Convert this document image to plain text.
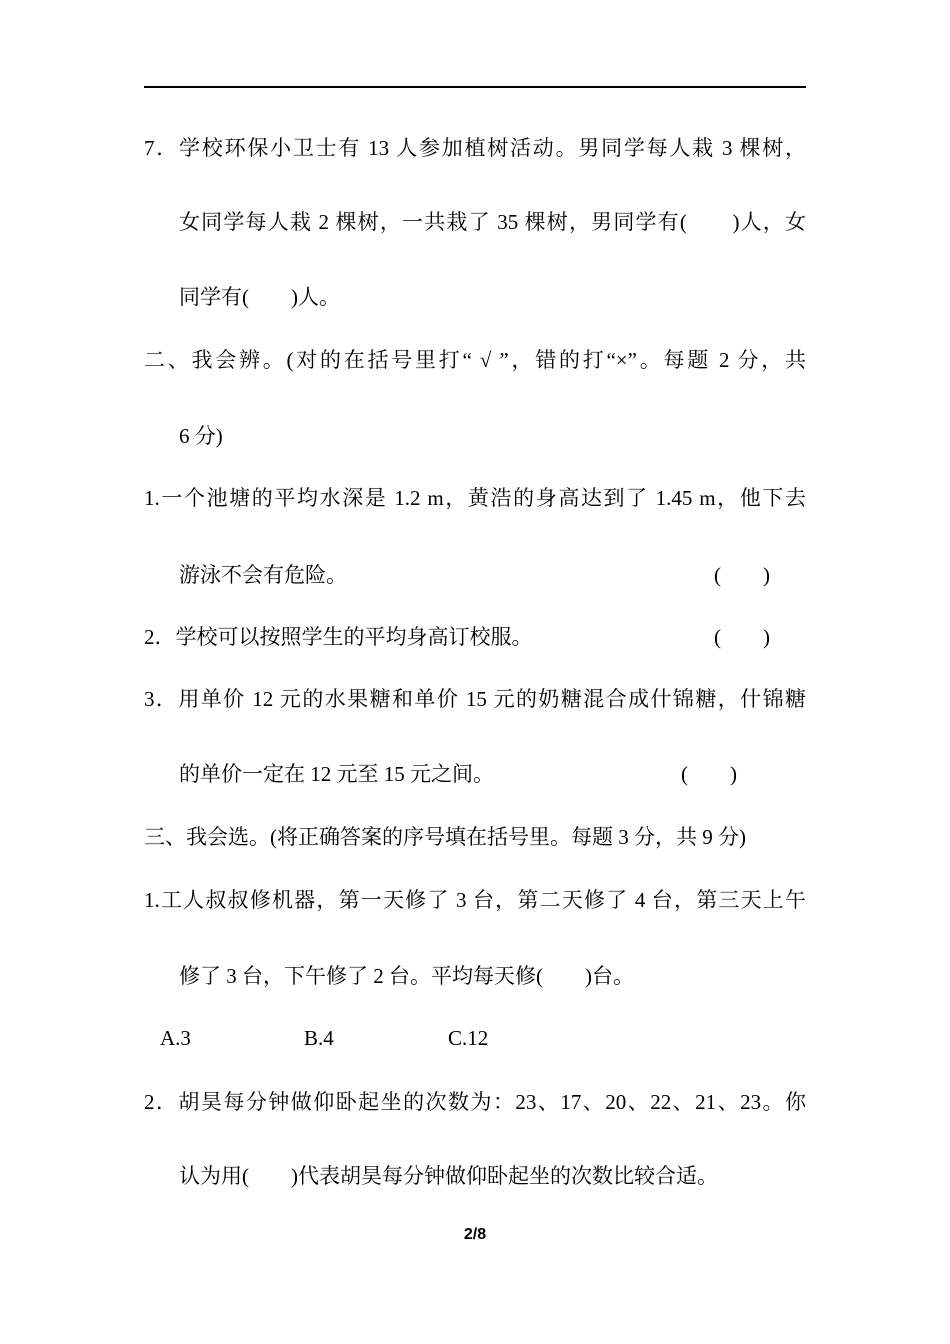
7．学校环保小卫士有 13 人参加植树活动。男同学每人栽 3 棵树，
女同学每人栽 2 棵树，一共栽了 35 棵树，男同学有(　　)人，女
同学有(　　)人。
二、我会辨。(对的在括号里打“ √ ”，错的打“×”。每题 2 分，共
6 分)
1.一个池塘的平均水深是 1.2 m，黄浩的身高达到了 1.45 m，他下去
游泳不会有危险。	(　　)
2．学校可以按照学生的平均身高订校服。	(　　)
3．用单价 12 元的水果糖和单价 15 元的奶糖混合成什锦糖，什锦糖
的单价一定在 12 元至 15 元之间。	(　　)
三、我会选。(将正确答案的序号填在括号里。每题 3 分，共 9 分)
1.工人叔叔修机器，第一天修了 3 台，第二天修了 4 台，第三天上午
修了 3 台，下午修了 2 台。平均每天修(　　)台。
A.3	B.4	C.12
2．胡昊每分钟做仰卧起坐的次数为：23、17、20、22、21、23。你
认为用(　　)代表胡昊每分钟做仰卧起坐的次数比较合适。
2/8
